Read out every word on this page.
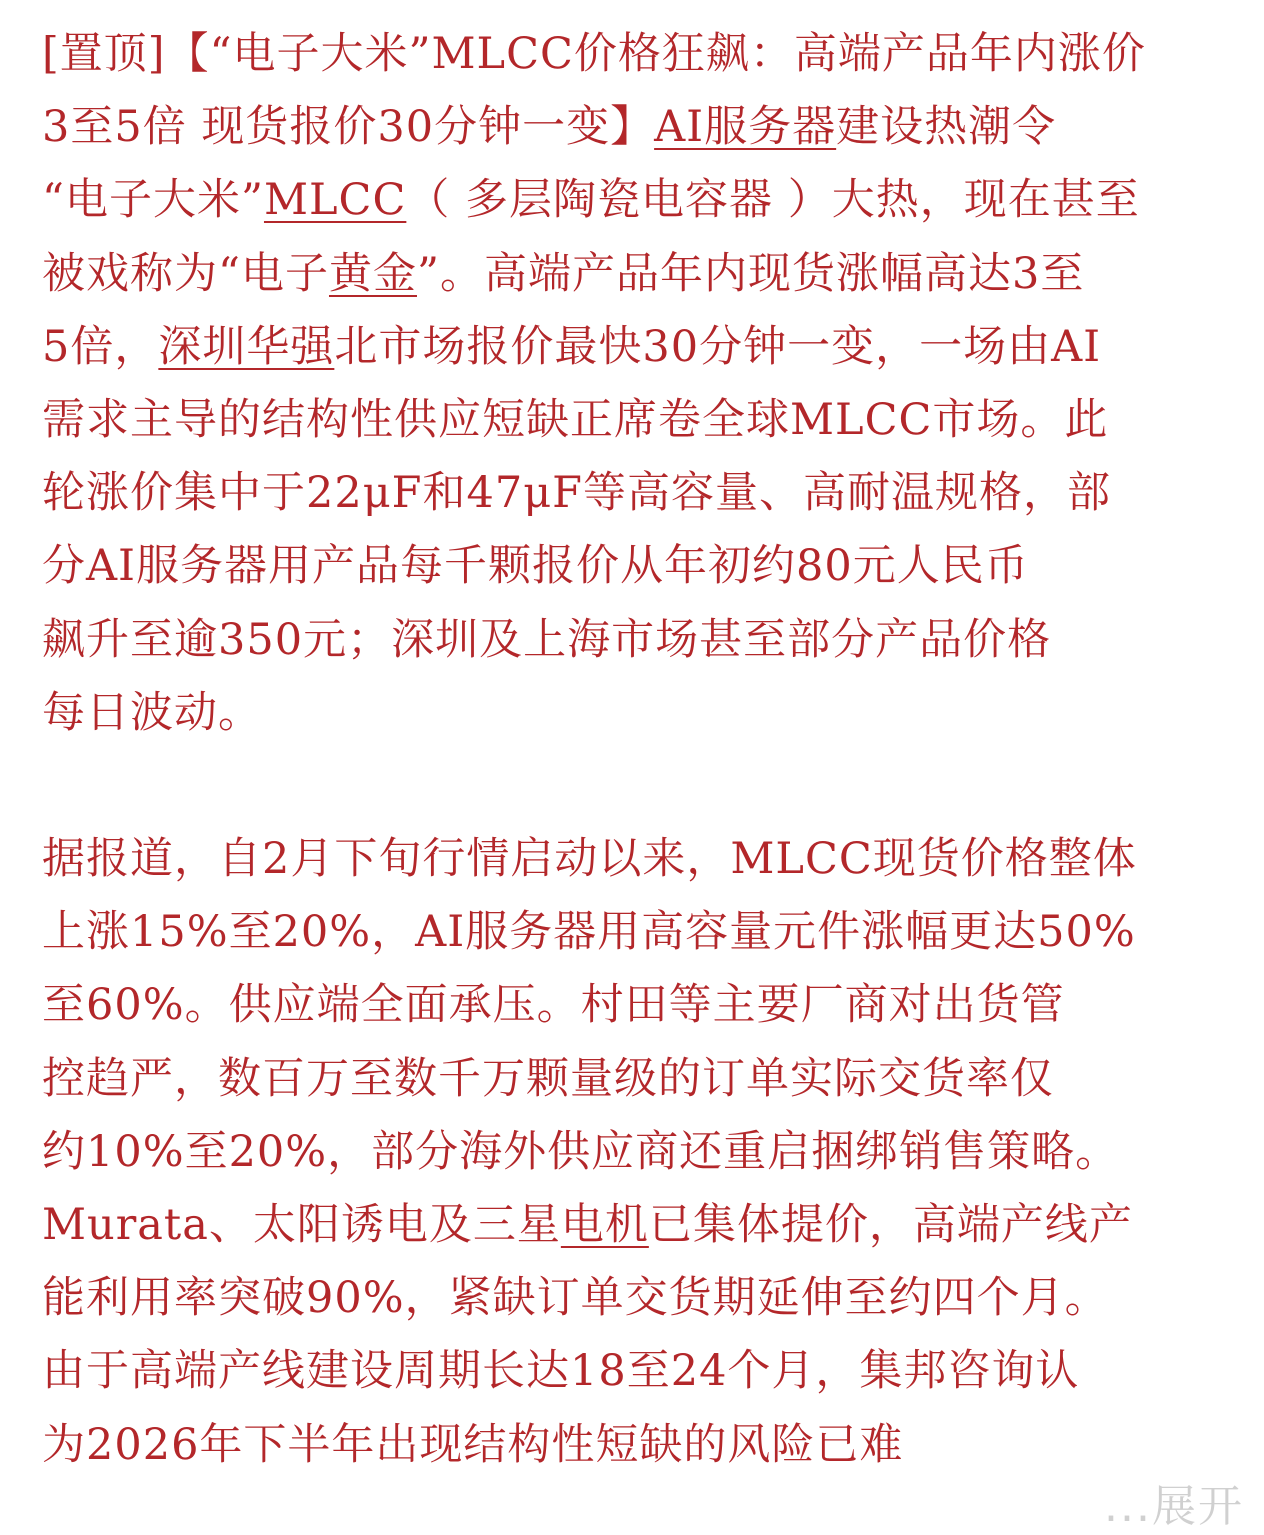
[置顶]【“电子大米”MLCC价格狂飙：高端产品年内涨价
3至5倍 现货报价30分钟一变】AI服务器建设热潮令
“电子大米”MLCC（ 多层陶瓷电容器 ）大热，现在甚至
被戏称为“电子黄金”。高端产品年内现货涨幅高达3至
5倍，深圳华强北市场报价最快30分钟一变，一场由AI
需求主导的结构性供应短缺正席卷全球MLCC市场。此
轮涨价集中于22μF和47μF等高容量、高耐温规格，部
分AI服务器用产品每千颗报价从年初约80元人民币
飙升至逾350元；深圳及上海市场甚至部分产品价格
每日波动。

据报道，自2月下旬行情启动以来，MLCC现货价格整体
上涨15%至20%，AI服务器用高容量元件涨幅更达50%
至60%。供应端全面承压。村田等主要厂商对出货管
控趋严，数百万至数千万颗量级的订单实际交货率仅
约10%至20%，部分海外供应商还重启捆绑销售策略。
Murata、太阳诱电及三星电机已集体提价，高端产线产
能利用率突破90%，紧缺订单交货期延伸至约四个月。
由于高端产线建设周期长达18至24个月，集邦咨询认
为2026年下半年出现结构性短缺的风险已难

...展开
